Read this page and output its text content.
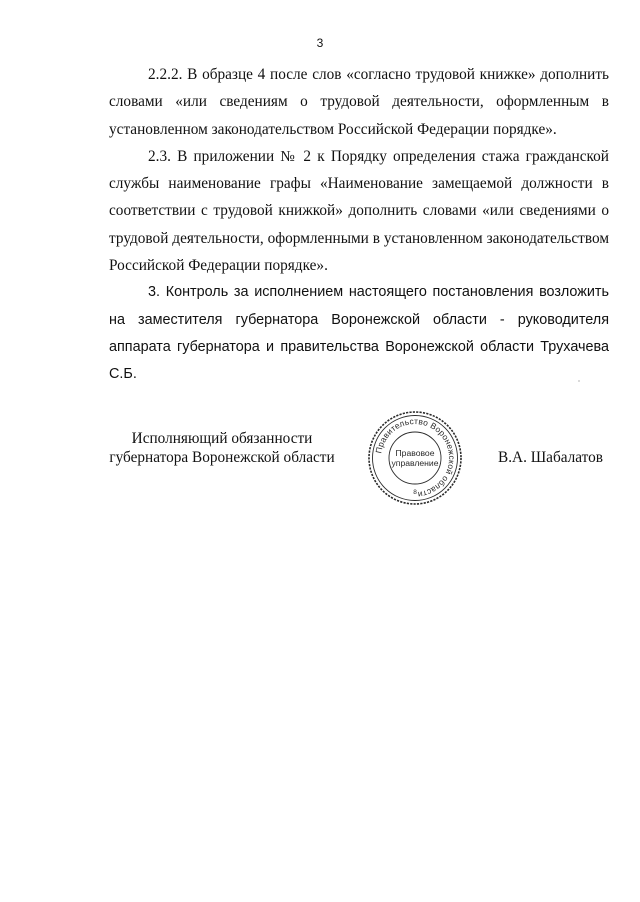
3

2.2.2. В образце 4 после слов «согласно трудовой книжке» дополнить словами «или сведениям о трудовой деятельности, оформленным в установленном законодательством Российской Федерации порядке».

2.3. В приложении № 2 к Порядку определения стажа гражданской службы наименование графы «Наименование замещаемой должности в соответствии с трудовой книжкой» дополнить словами «или сведениями о трудовой деятельности, оформленными в установленном законодательством Российской Федерации порядке».

3. Контроль за исполнением настоящего постановления возложить на заместителя губернатора Воронежской области - руководителя аппарата губернатора и правительства Воронежской области Трухачева С.Б.

Исполняющий обязанности
губернатора Воронежской области	Правительство Воронежской области
Правовое
управление
8
В.А. Шабалатов
